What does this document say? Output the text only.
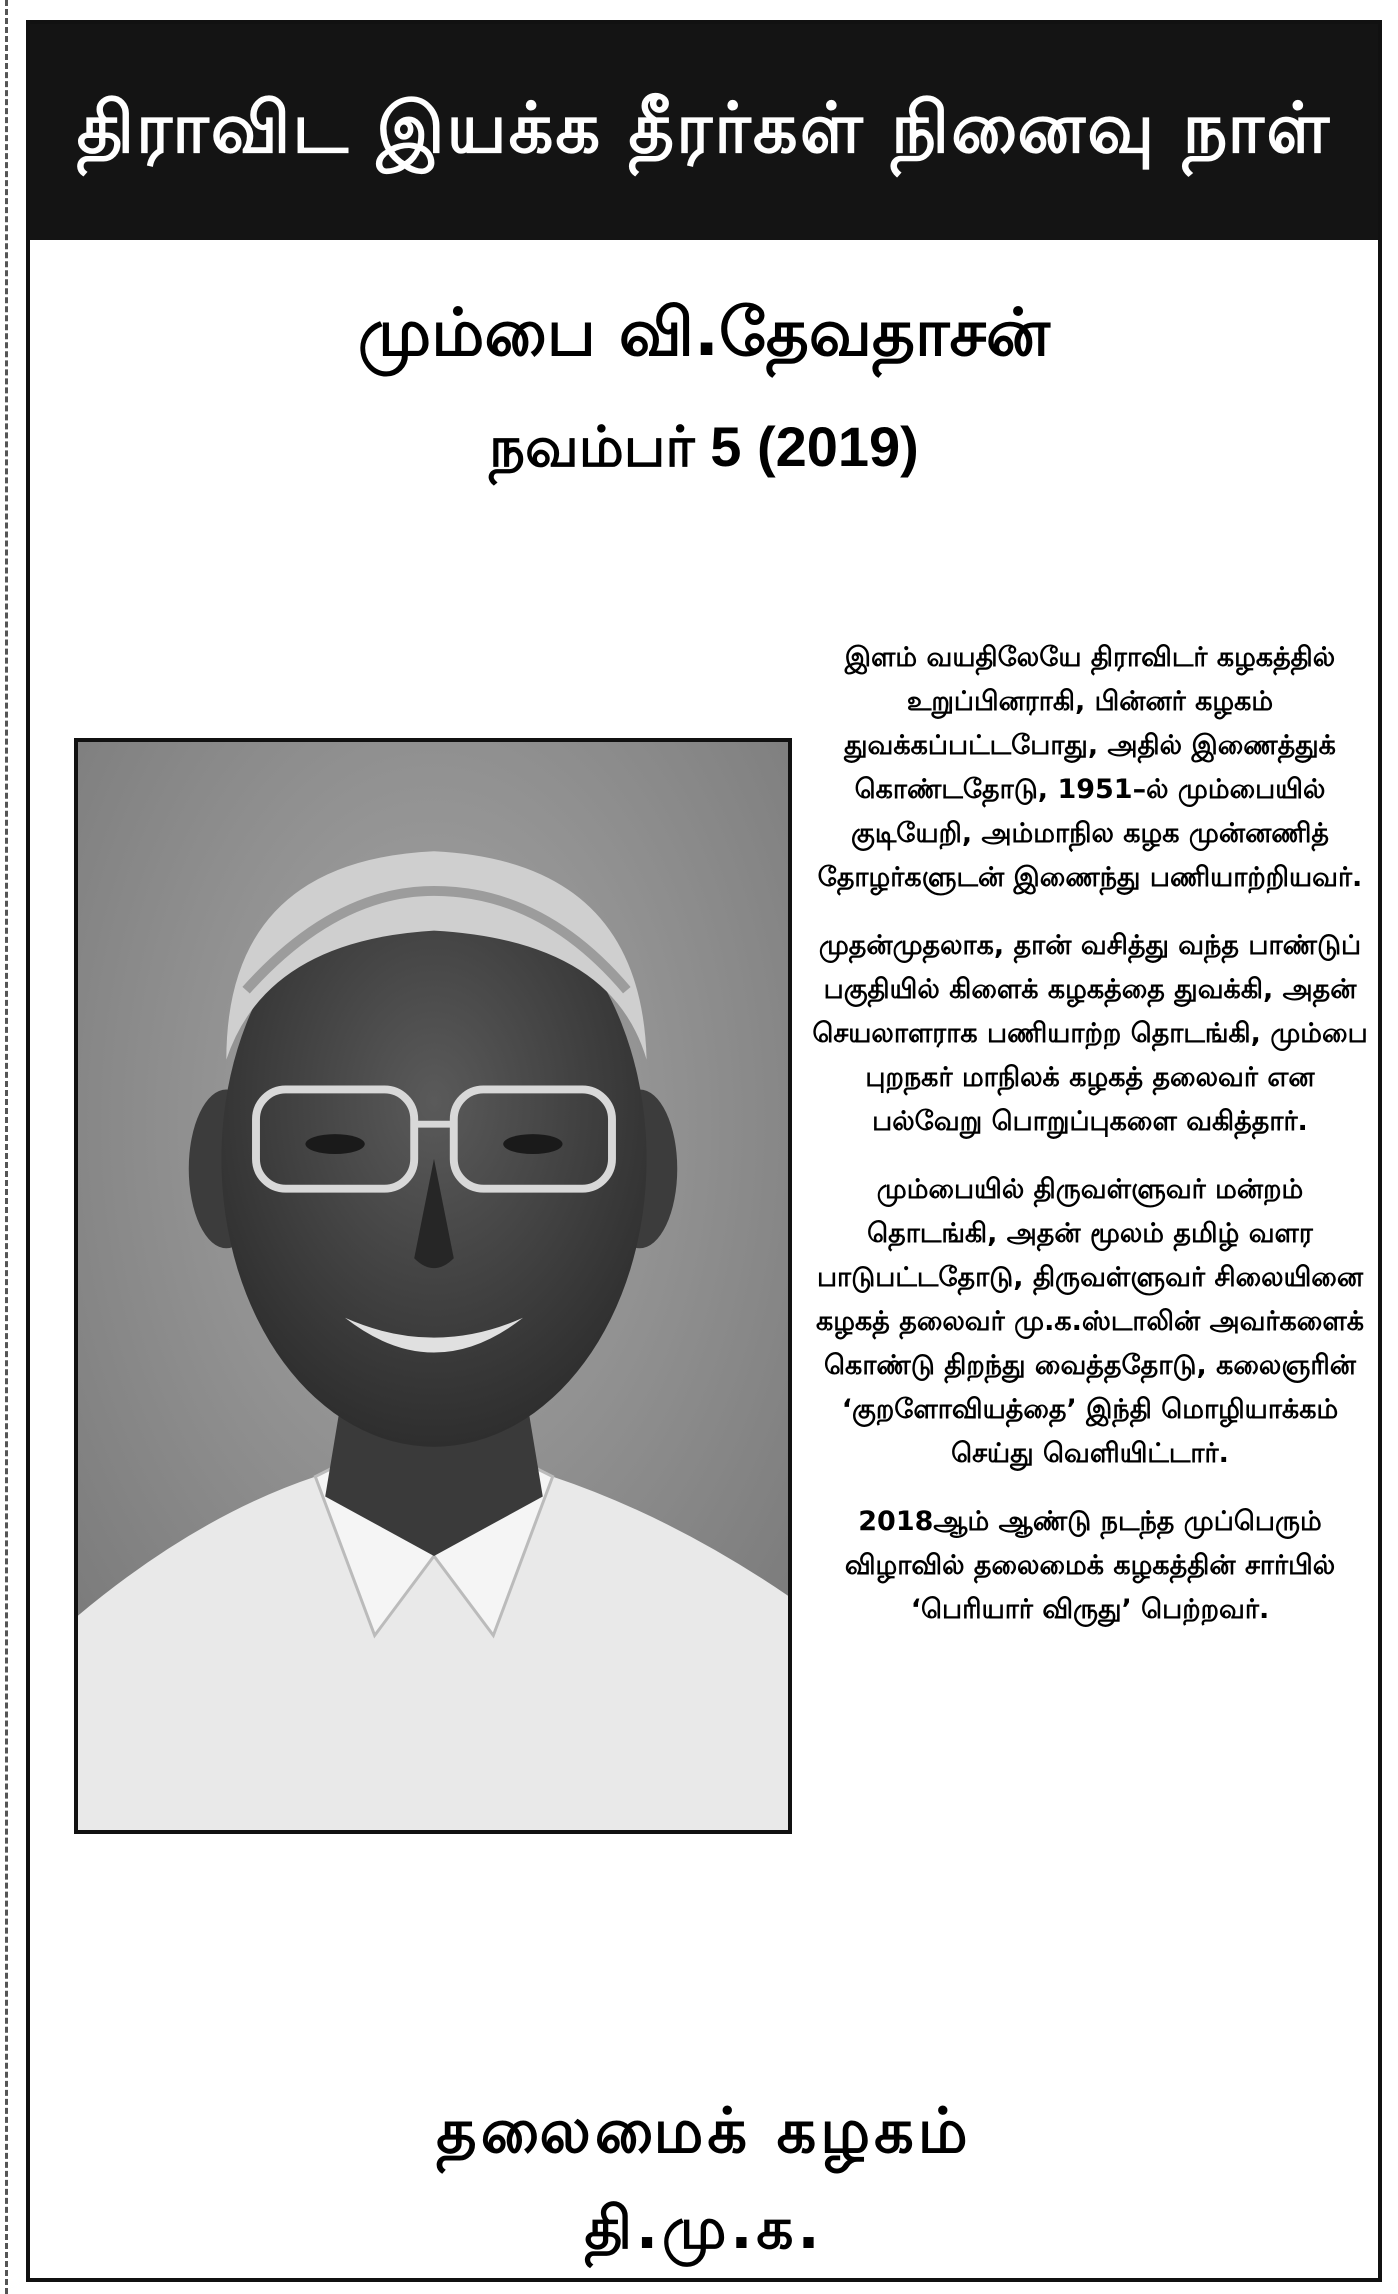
திராவிட இயக்க தீரர்கள் நினைவு நாள்
மும்பை வி.தேவதாசன்
நவம்பர் 5 (2019)

இளம் வயதிலேயே திராவிடர் கழகத்தில் உறுப்பினராகி, பின்னர் கழகம் துவக்கப்பட்டபோது, அதில் இணைத்துக் கொண்டதோடு, 1951–ல் மும்பையில் குடியேறி, அம்மாநில கழக முன்னணித் தோழர்களுடன் இணைந்து பணியாற்றியவர்.

முதன்முதலாக, தான் வசித்து வந்த பாண்டுப் பகுதியில் கிளைக் கழகத்தை துவக்கி, அதன் செயலாளராக பணியாற்ற தொடங்கி, மும்பை புறநகர் மாநிலக் கழகத் தலைவர் என பல்வேறு பொறுப்புகளை வகித்தார்.

மும்பையில் திருவள்ளுவர் மன்றம் தொடங்கி, அதன் மூலம் தமிழ் வளர பாடுபட்டதோடு, திருவள்ளுவர் சிலையினை கழகத் தலைவர் மு.க.ஸ்டாலின் அவர்களைக் கொண்டு திறந்து வைத்ததோடு, கலைஞரின் ‘குறளோவியத்தை’ இந்தி மொழியாக்கம் செய்து வெளியிட்டார்.

2018ஆம் ஆண்டு நடந்த முப்பெரும் விழாவில் தலைமைக் கழகத்தின் சார்பில் ‘பெரியார் விருது’ பெற்றவர்.

தலைமைக் கழகம்
தி.மு.க.
